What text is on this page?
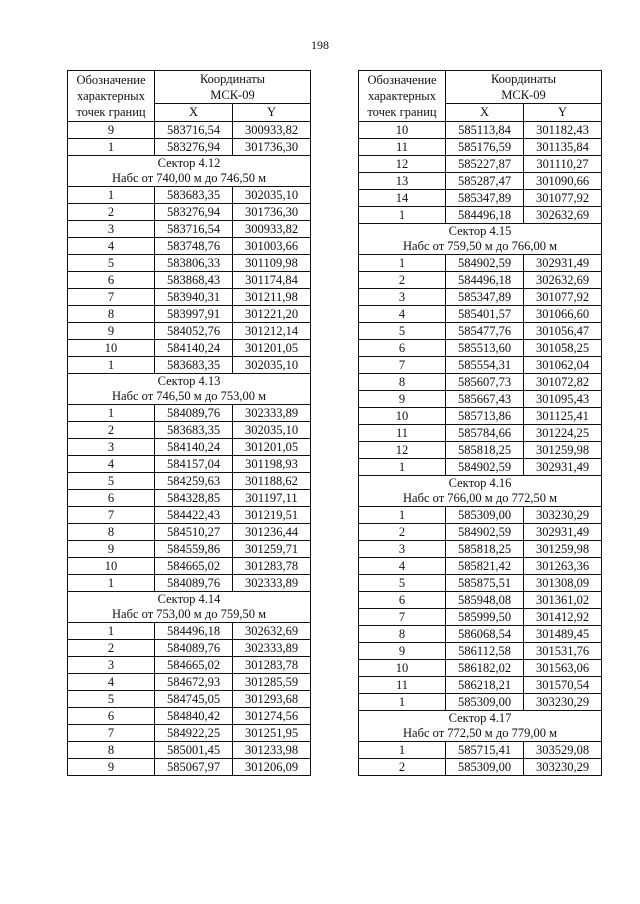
198
Обозначение
характерных
точек границ	Координаты
МСК-09	
	X	Y
9	583716,54	300933,82
1	583276,94	301736,30
Сектор 4.12		
Набс от 740,00 м до 746,50 м		
1	583683,35	302035,10
2	583276,94	301736,30
3	583716,54	300933,82
4	583748,76	301003,66
5	583806,33	301109,98
6	583868,43	301174,84
7	583940,31	301211,98
8	583997,91	301221,20
9	584052,76	301212,14
10	584140,24	301201,05
1	583683,35	302035,10
Сектор 4.13		
Набс от 746,50 м до 753,00 м		
1	584089,76	302333,89
2	583683,35	302035,10
3	584140,24	301201,05
4	584157,04	301198,93
5	584259,63	301188,62
6	584328,85	301197,11
7	584422,43	301219,51
8	584510,27	301236,44
9	584559,86	301259,71
10	584665,02	301283,78
1	584089,76	302333,89
Сектор 4.14		
Набс от 753,00 м до 759,50 м		
1	584496,18	302632,69
2	584089,76	302333,89
3	584665,02	301283,78
4	584672,93	301285,59
5	584745,05	301293,68
6	584840,42	301274,56
7	584922,25	301251,95
8	585001,45	301233,98
9	585067,97	301206,09
Обозначение
характерных
точек границ	Координаты
МСК-09	
	X	Y
10	585113,84	301182,43
11	585176,59	301135,84
12	585227,87	301110,27
13	585287,47	301090,66
14	585347,89	301077,92
1	584496,18	302632,69
Сектор 4.15		
Набс от 759,50 м до 766,00 м		
1	584902,59	302931,49
2	584496,18	302632,69
3	585347,89	301077,92
4	585401,57	301066,60
5	585477,76	301056,47
6	585513,60	301058,25
7	585554,31	301062,04
8	585607,73	301072,82
9	585667,43	301095,43
10	585713,86	301125,41
11	585784,66	301224,25
12	585818,25	301259,98
1	584902,59	302931,49
Сектор 4.16		
Набс от 766,00 м до 772,50 м		
1	585309,00	303230,29
2	584902,59	302931,49
3	585818,25	301259,98
4	585821,42	301263,36
5	585875,51	301308,09
6	585948,08	301361,02
7	585999,50	301412,92
8	586068,54	301489,45
9	586112,58	301531,76
10	586182,02	301563,06
11	586218,21	301570,54
1	585309,00	303230,29
Сектор 4.17		
Набс от 772,50 м до 779,00 м		
1	585715,41	303529,08
2	585309,00	303230,29
